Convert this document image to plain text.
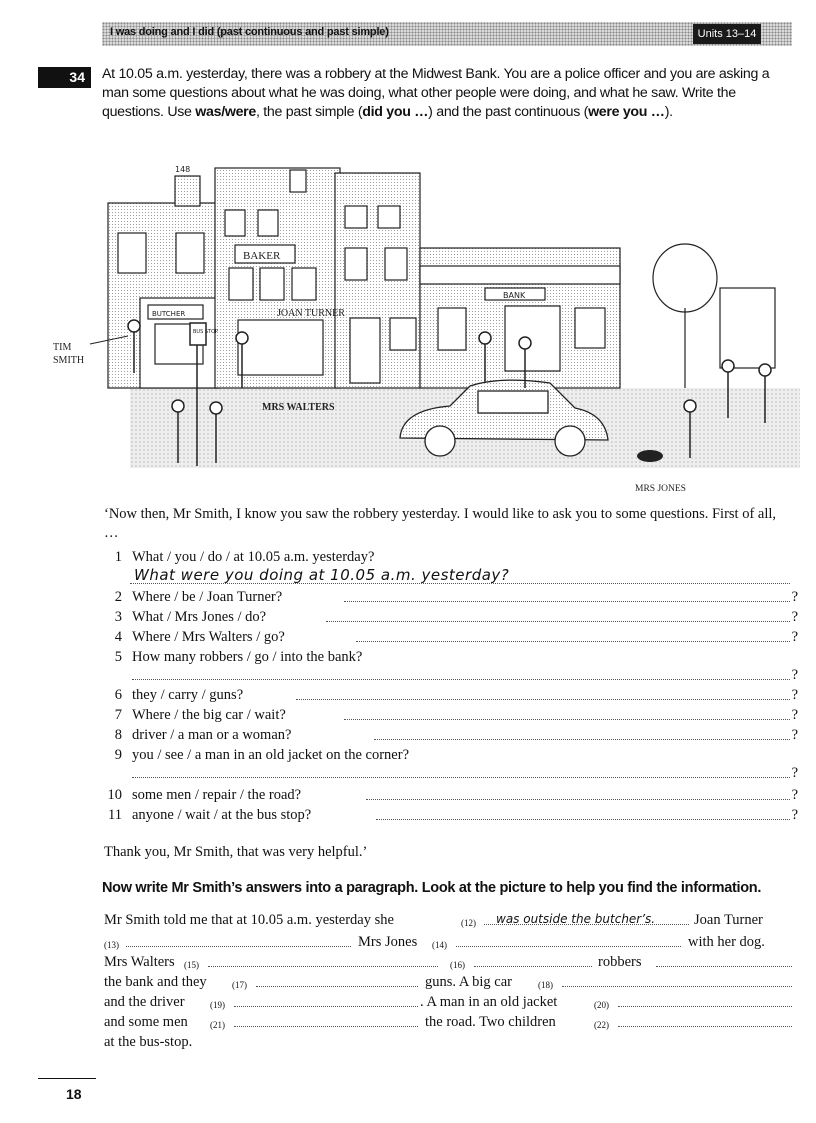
I was doing and I did (past continuous and past simple)	Units 13–14
34	At 10.05 a.m. yesterday, there was a robbery at the Midwest Bank. You are a police officer and you are asking a man some questions about what he was doing, what other people were doing, and what he saw. Write the questions. Use was/were, the past simple (did you …) and the past continuous (were you …).
BUTCHER
BAKER
BANK
148
JOAN TURNER
MRS WALTERS
BUS STOP
TIM
SMITH
MRS JONES
‘Now then, Mr Smith, I know you saw the robbery yesterday. I would like to ask you to some questions. First of all, …
1 What / you / do / at 10.05 a.m. yesterday?
What were you doing at 10.05 a.m. yesterday?
2 Where / be / Joan Turner?	?
3 What / Mrs Jones / do?	?
4 Where / Mrs Walters / go?	?
5 How many robbers / go / into the bank?
?
6 they / carry / guns?	?
7 Where / the big car / wait?	?
8 driver / a man or a woman?	?
9 you / see / a man in an old jacket on the corner?
?
10 some men / repair / the road?	?
11 anyone / wait / at the bus stop?	?
Thank you, Mr Smith, that was very helpful.’
Now write Mr Smith’s answers into a paragraph. Look at the picture to help you find the information.
Mr Smith told me that at 10.05 a.m. yesterday she	(12) was outside the butcher’s.	Joan Turner
(13)	Mrs Jones (14)	with her dog.
Mrs Walters (15)	(16)	robbers
the bank and they	(17)	guns. A big car	(18)
and the driver	(19)	. A man in an old jacket	(20)
and some men (21)	the road. Two children	(22)
at the bus-stop.
18
